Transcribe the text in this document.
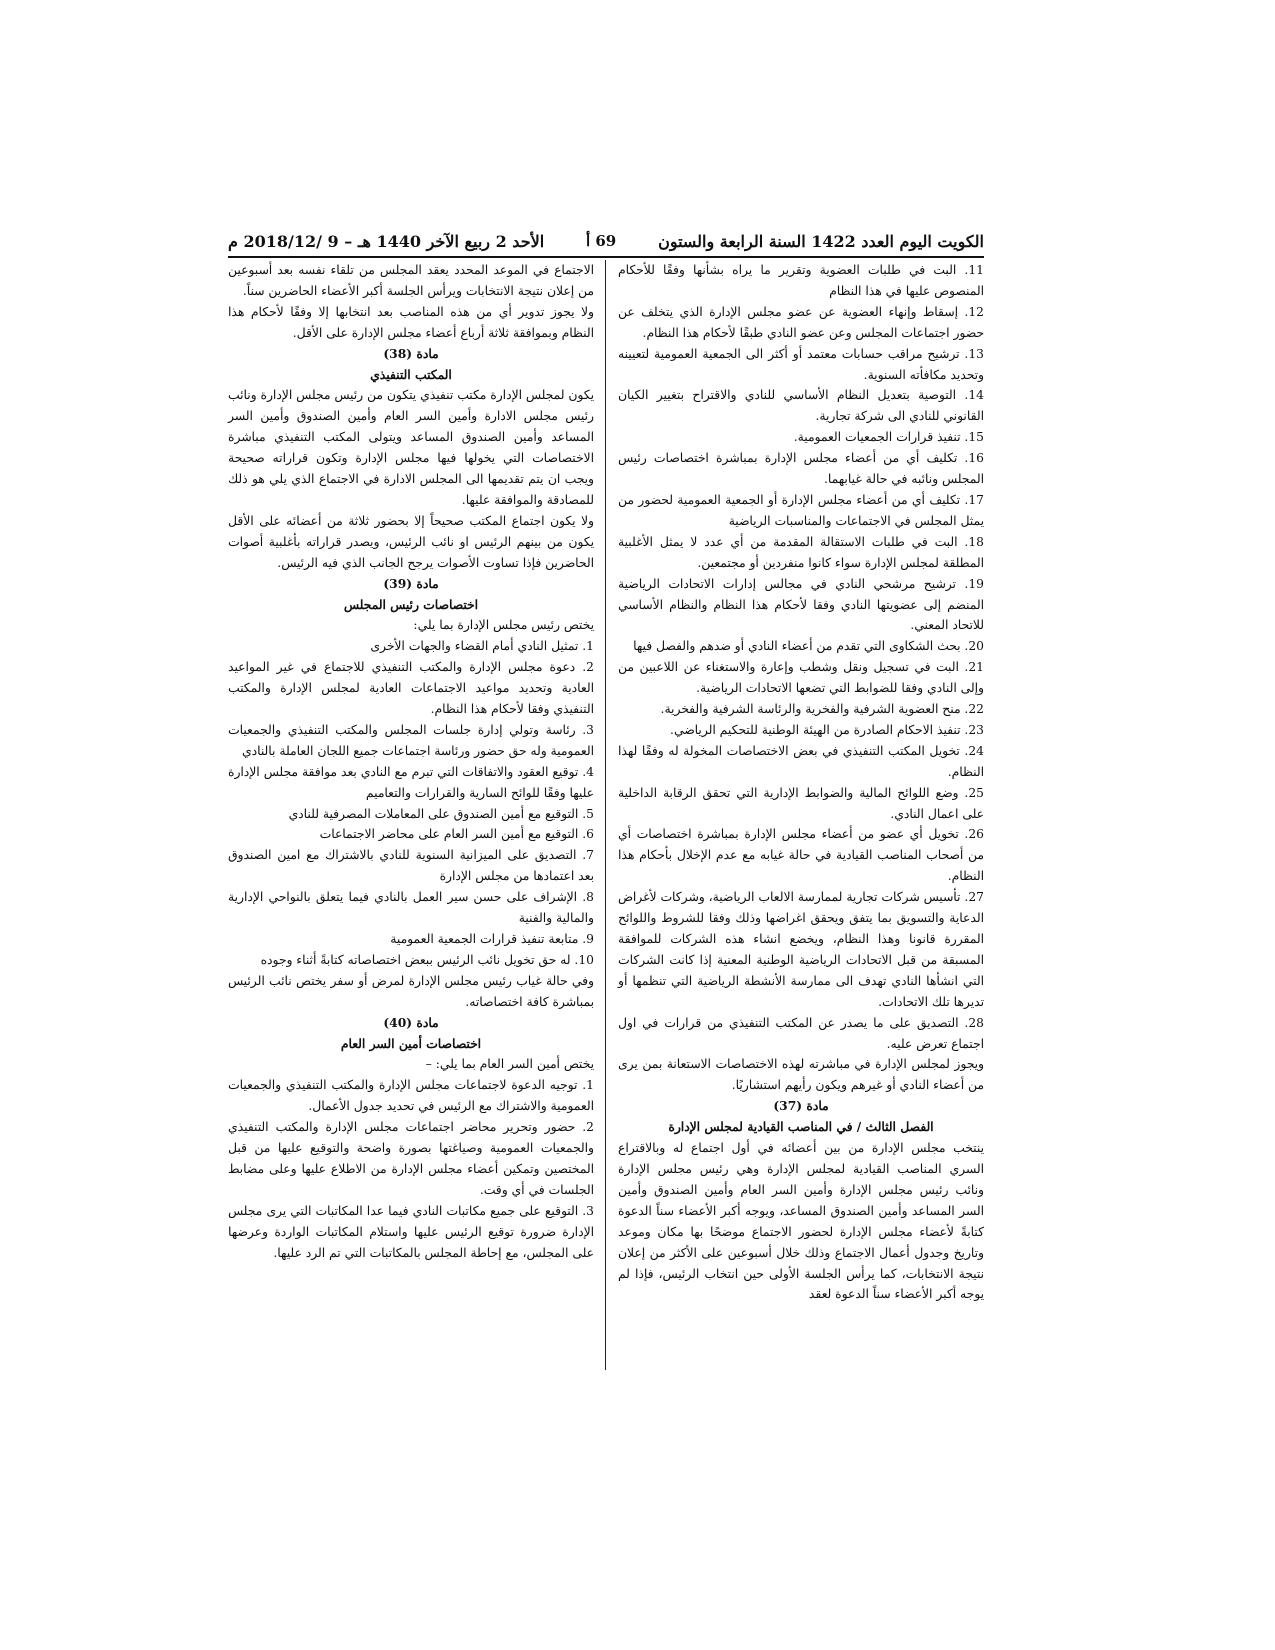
الكويت اليوم العدد 1422 السنة الرابعة والستون
69 أ
الأحد 2 ربيع الآخر 1440 هـ – 9 /2018/12 م

11. البت في طلبات العضوية وتقرير ما يراه بشأنها وفقًا للأحكام المنصوص عليها في هذا النظام

12. إسقاط وإنهاء العضوية عن عضو مجلس الإدارة الذي يتخلف عن حضور اجتماعات المجلس وعن عضو النادي طبقًا لأحكام هذا النظام.

13. ترشيح مراقب حسابات معتمد أو أكثر الى الجمعية العمومية لتعيينه وتحديد مكافأته السنوية.

14. التوصية بتعديل النظام الأساسي للنادي والاقتراح بتغيير الكيان القانوني للنادي الى شركة تجارية.

15. تنفيذ قرارات الجمعيات العمومية.

16. تكليف أي من أعضاء مجلس الإدارة بمباشرة اختصاصات رئيس المجلس ونائبه في حالة غيابهما.

17. تكليف أي من أعضاء مجلس الإدارة أو الجمعية العمومية لحضور من يمثل المجلس في الاجتماعات والمناسبات الرياضية

18. البت في طلبات الاستقالة المقدمة من أي عدد لا يمثل الأغلبية المطلقة لمجلس الإدارة سواء كانوا منفردين أو مجتمعين.

19. ترشيح مرشحي النادي في مجالس إدارات الاتحادات الرياضية المنضم إلى عضويتها النادي وفقا لأحكام هذا النظام والنظام الأساسي للاتحاد المعني.

20. بحث الشكاوى التي تقدم من أعضاء النادي أو ضدهم والفصل فيها

21. البت في تسجيل ونقل وشطب وإعارة والاستغناء عن اللاعبين من وإلى النادي وفقا للضوابط التي تضعها الاتحادات الرياضية.

22. منح العضوية الشرفية والفخرية والرئاسة الشرفية والفخرية.

23. تنفيذ الاحكام الصادرة من الهيئة الوطنية للتحكيم الرياضي.

24. تخويل المكتب التنفيذي في بعض الاختصاصات المخولة له وفقًا لهذا النظام.

25. وضع اللوائح المالية والضوابط الإدارية التي تحقق الرقابة الداخلية على اعمال النادي.

26. تخويل أي عضو من أعضاء مجلس الإدارة بمباشرة اختصاصات أي من أصحاب المناصب القيادية في حالة غيابه مع عدم الإخلال بأحكام هذا النظام.

27. تأسيس شركات تجارية لممارسة الالعاب الرياضية، وشركات لأغراض الدعاية والتسويق بما يتفق ويحقق اغراضها وذلك وفقا للشروط واللوائح المقررة قانونا وهذا النظام، ويخضع انشاء هذه الشركات للموافقة المسبقة من قبل الاتحادات الرياضية الوطنية المعنية إذا كانت الشركات التي انشأها النادي تهدف الى ممارسة الأنشطة الرياضية التي تنظمها أو تديرها تلك الاتحادات.

28. التصديق على ما يصدر عن المكتب التنفيذي من قرارات في اول اجتماع تعرض عليه.

ويجوز لمجلس الإدارة في مباشرته لهذه الاختصاصات الاستعانة بمن يرى من أعضاء النادي أو غيرهم ويكون رأيهم استشاريًا.

مادة (37)

الفصل الثالث / في المناصب القيادية لمجلس الإدارة

ينتخب مجلس الإدارة من بين أعضائه في أول اجتماع له وبالاقتراع السري المناصب القيادية لمجلس الإدارة وهي رئيس مجلس الإدارة ونائب رئيس مجلس الإدارة وأمين السر العام وأمين الصندوق وأمين السر المساعد وأمين الصندوق المساعد، ويوجه أكبر الأعضاء سناً الدعوة كتابةً لأعضاء مجلس الإدارة لحضور الاجتماع موضحًا بها مكان وموعد وتاريخ وجدول أعمال الاجتماع وذلك خلال أسبوعين على الأكثر من إعلان نتيجة الانتخابات، كما يرأس الجلسة الأولى حين انتخاب الرئيس، فإذا لم يوجه أكبر الأعضاء سناً الدعوة لعقد

الاجتماع في الموعد المحدد يعقد المجلس من تلقاء نفسه بعد أسبوعين من إعلان نتيجة الانتخابات ويرأس الجلسة أكبر الأعضاء الحاضرين سناً.

ولا يجوز تدوير أي من هذه المناصب بعد انتخابها إلا وفقًا لأحكام هذا النظام وبموافقة ثلاثة أرباع أعضاء مجلس الإدارة على الأقل.

مادة (38)

المكتب التنفيذي

يكون لمجلس الإدارة مكتب تنفيذي يتكون من رئيس مجلس الإدارة ونائب رئيس مجلس الادارة وأمين السر العام وأمين الصندوق وأمين السر المساعد وأمين الصندوق المساعد ويتولى المكتب التنفيذي مباشرة الاختصاصات التي يخولها فيها مجلس الإدارة وتكون قراراته صحيحة ويجب ان يتم تقديمها الى المجلس الادارة في الاجتماع الذي يلي هو ذلك للمصادقة والموافقة عليها.

ولا يكون اجتماع المكتب صحيحاً إلا بحضور ثلاثة من أعضائه على الأقل يكون من بينهم الرئيس او نائب الرئيس، ويصدر قراراته بأغلبية أصوات الحاضرين فإذا تساوت الأصوات يرجح الجانب الذي فيه الرئيس.

مادة (39)

اختصاصات رئيس المجلس

يختص رئيس مجلس الإدارة بما يلي:

1. تمثيل النادي أمام القضاء والجهات الأخرى

2. دعوة مجلس الإدارة والمكتب التنفيذي للاجتماع في غير المواعيد العادية وتحديد مواعيد الاجتماعات العادية لمجلس الإدارة والمكتب التنفيذي وفقا لأحكام هذا النظام.

3. رئاسة وتولي إدارة جلسات المجلس والمكتب التنفيذي والجمعيات العمومية وله حق حضور ورئاسة اجتماعات جميع اللجان العاملة بالنادي

4. توقيع العقود والاتفاقات التي تبرم مع النادي بعد موافقة مجلس الإدارة عليها وفقًا للوائح السارية والقرارات والتعاميم

5. التوقيع مع أمين الصندوق على المعاملات المصرفية للنادي

6. التوقيع مع أمين السر العام على محاضر الاجتماعات

7. التصديق على الميزانية السنوية للنادي بالاشتراك مع امين الصندوق بعد اعتمادها من مجلس الإدارة

8. الإشراف على حسن سير العمل بالنادي فيما يتعلق بالنواحي الإدارية والمالية والفنية

9. متابعة تنفيذ قرارات الجمعية العمومية

10. له حق تخويل نائب الرئيس ببعض اختصاصاته كتابةً أثناء وجوده

وفي حالة غياب رئيس مجلس الإدارة لمرض أو سفر يختص نائب الرئيس بمباشرة كافة اختصاصاته.

مادة (40)

اختصاصات أمين السر العام

يختص أمين السر العام بما يلي: –

1. توجيه الدعوة لاجتماعات مجلس الإدارة والمكتب التنفيذي والجمعيات العمومية والاشتراك مع الرئيس في تحديد جدول الأعمال.

2. حضور وتحرير محاضر اجتماعات مجلس الإدارة والمكتب التنفيذي والجمعيات العمومية وصياغتها بصورة واضحة والتوقيع عليها من قبل المختصين وتمكين أعضاء مجلس الإدارة من الاطلاع عليها وعلى مضابط الجلسات في أي وقت.

3. التوقيع على جميع مكاتبات النادي فيما عدا المكاتبات التي يرى مجلس الإدارة ضرورة توقيع الرئيس عليها واستلام المكاتبات الواردة وعرضها على المجلس، مع إحاطة المجلس بالمكاتبات التي تم الرد عليها.
